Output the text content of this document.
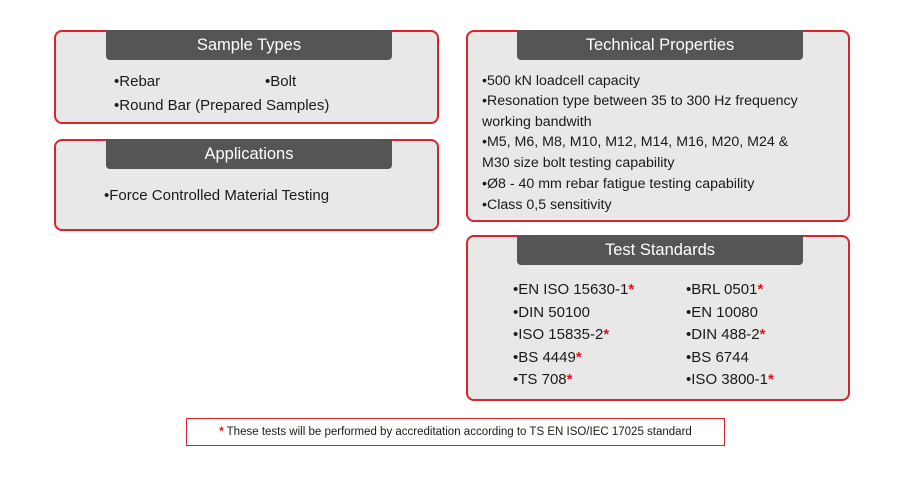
Sample Types
•Rebar	•Bolt
•Round Bar (Prepared Samples)
Applications
•Force Controlled Material Testing
Technical Properties
•500 kN loadcell capacity
•Resonation type between 35 to 300 Hz frequency
working bandwith
•M5, M6, M8, M10, M12, M14, M16, M20, M24 &
M30 size bolt testing capability
•Ø8 - 40 mm rebar fatigue testing capability
•Class 0,5 sensitivity
Test Standards
•EN ISO 15630-1*
•DIN 50100
•ISO 15835-2*
•BS 4449*
•TS 708*
•BRL 0501*
•EN 10080
•DIN 488-2*
•BS 6744
•ISO 3800-1*
* These tests will be performed by accreditation according to TS EN ISO/IEC 17025 standard
